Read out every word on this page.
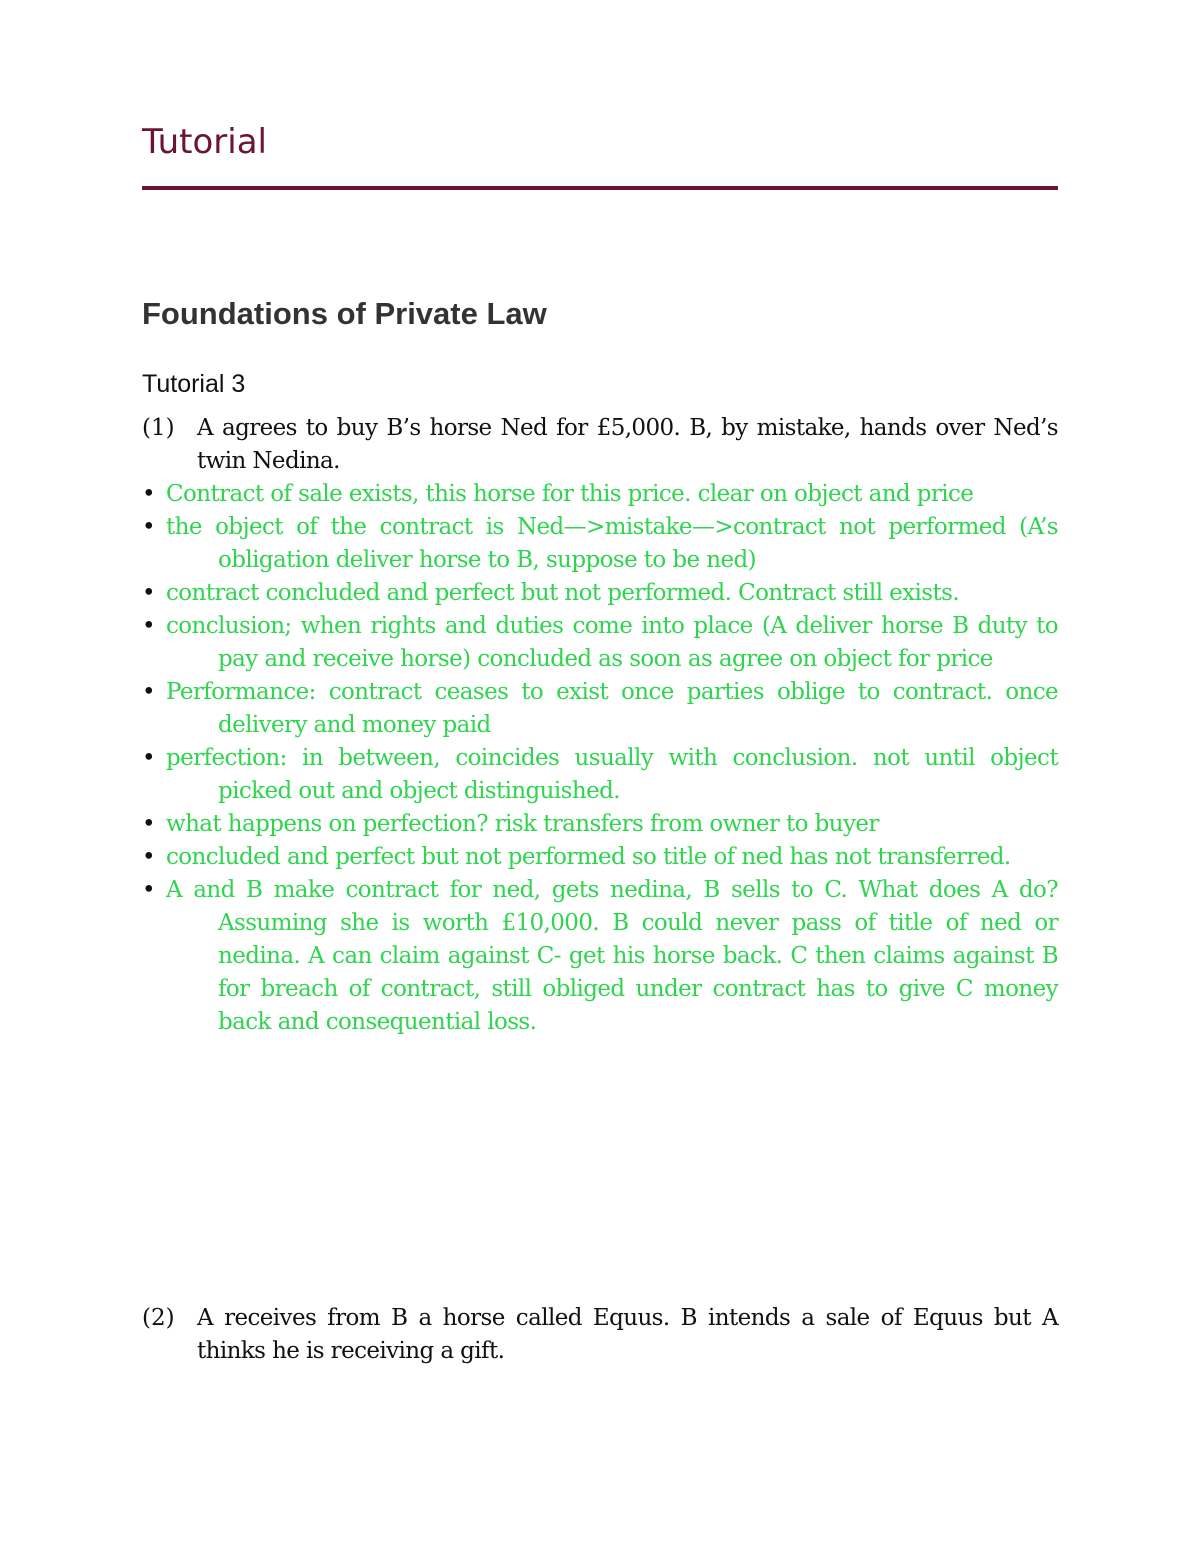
Tutorial
Foundations of Private Law

Tutorial 3

(1) A agrees to buy B’s horse Ned for £5,000. B, by mistake, hands over Ned’s twin Nedina.
• Contract of sale exists, this horse for this price. clear on object and price
• the object of the contract is Ned—>mistake—>contract not performed (A’s obligation deliver horse to B, suppose to be ned)
• contract concluded and perfect but not performed. Contract still exists.
• conclusion; when rights and duties come into place (A deliver horse B duty to pay and receive horse) concluded as soon as agree on object for price
• Performance: contract ceases to exist once parties oblige to contract. once delivery and money paid
• perfection: in between, coincides usually with conclusion. not until object picked out and object distinguished.
• what happens on perfection? risk transfers from owner to buyer
• concluded and perfect but not performed so title of ned has not transferred.
• A and B make contract for ned, gets nedina, B sells to C. What does A do? Assuming she is worth £10,000. B could never pass of title of ned or nedina. A can claim against C- get his horse back. C then claims against B for breach of contract, still obliged under contract has to give C money back and consequential loss.
(2) A receives from B a horse called Equus. B intends a sale of Equus but A thinks he is receiving a gift.
